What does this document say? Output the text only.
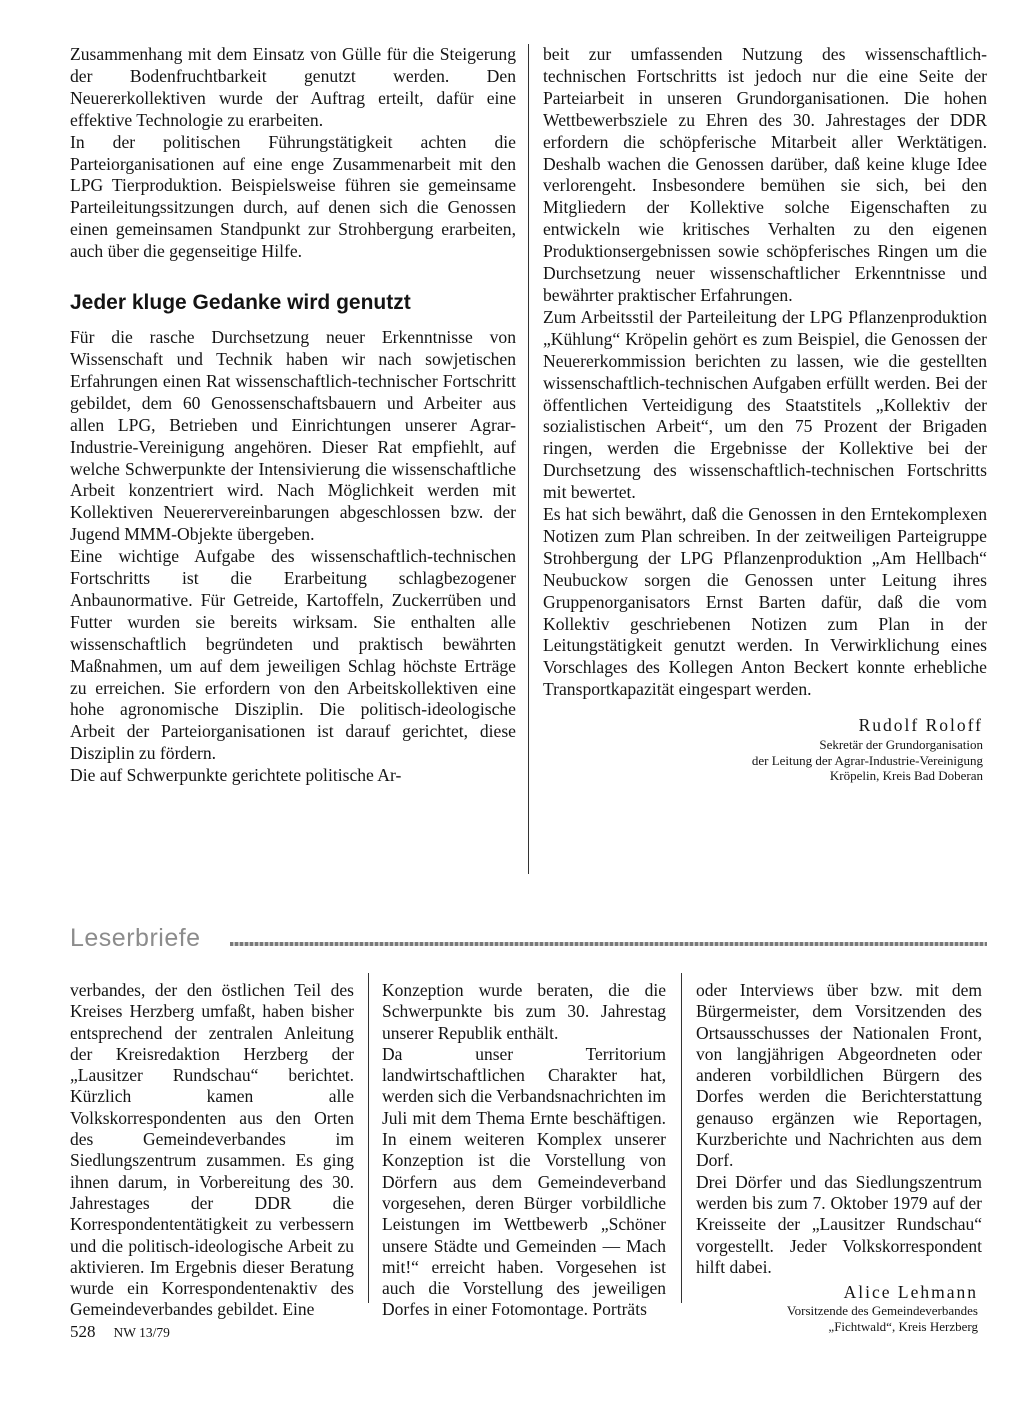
Zusammenhang mit dem Einsatz von Gülle für die Steigerung der Bodenfruchtbarkeit genutzt werden. Den Neuererkollektiven wurde der Auftrag erteilt, dafür eine effektive Technologie zu erarbeiten.

In der politischen Führungstätigkeit achten die Parteiorganisationen auf eine enge Zusammenarbeit mit den LPG Tierproduktion. Beispielsweise führen sie gemeinsame Parteileitungssitzungen durch, auf denen sich die Genossen einen gemeinsamen Standpunkt zur Strohbergung erarbeiten, auch über die gegenseitige Hilfe.

Jeder kluge Gedanke wird genutzt

Für die rasche Durchsetzung neuer Erkenntnisse von Wissenschaft und Technik haben wir nach sowjetischen Erfahrungen einen Rat wissenschaftlich-technischer Fortschritt gebildet, dem 60 Genossenschaftsbauern und Arbeiter aus allen LPG, Betrieben und Einrichtungen unserer Agrar-Industrie-Vereinigung angehören. Dieser Rat empfiehlt, auf welche Schwerpunkte der Intensivierung die wissenschaftliche Arbeit konzentriert wird. Nach Möglichkeit werden mit Kollektiven Neuerervereinbarungen abgeschlossen bzw. der Jugend MMM-Objekte übergeben.

Eine wichtige Aufgabe des wissenschaftlich-technischen Fortschritts ist die Erarbeitung schlagbezogener Anbaunormative. Für Getreide, Kartoffeln, Zuckerrüben und Futter wurden sie bereits wirksam. Sie enthalten alle wissenschaftlich begründeten und praktisch bewährten Maßnahmen, um auf dem jeweiligen Schlag höchste Erträge zu erreichen. Sie erfordern von den Arbeitskollektiven eine hohe agronomische Disziplin. Die politisch-ideologische Arbeit der Parteiorganisationen ist darauf gerichtet, diese Disziplin zu fördern.

Die auf Schwerpunkte gerichtete politische Ar-

beit zur umfassenden Nutzung des wissenschaftlich-technischen Fortschritts ist jedoch nur die eine Seite der Parteiarbeit in unseren Grundorganisationen. Die hohen Wettbewerbsziele zu Ehren des 30. Jahrestages der DDR erfordern die schöpferische Mitarbeit aller Werktätigen. Deshalb wachen die Genossen darüber, daß keine kluge Idee verlorengeht. Insbesondere bemühen sie sich, bei den Mitgliedern der Kollektive solche Eigenschaften zu entwickeln wie kritisches Verhalten zu den eigenen Produktionsergebnissen sowie schöpferisches Ringen um die Durchsetzung neuer wissenschaftlicher Erkenntnisse und bewährter praktischer Erfahrungen.

Zum Arbeitsstil der Parteileitung der LPG Pflanzenproduktion „Kühlung“ Kröpelin gehört es zum Beispiel, die Genossen der Neuererkommission berichten zu lassen, wie die gestellten wissenschaftlich-technischen Aufgaben erfüllt werden. Bei der öffentlichen Verteidigung des Staatstitels „Kollektiv der sozialistischen Arbeit“, um den 75 Prozent der Brigaden ringen, werden die Ergebnisse der Kollektive bei der Durchsetzung des wissenschaftlich-technischen Fortschritts mit bewertet.

Es hat sich bewährt, daß die Genossen in den Erntekomplexen Notizen zum Plan schreiben. In der zeitweiligen Parteigruppe Strohbergung der LPG Pflanzenproduktion „Am Hellbach“ Neubuckow sorgen die Genossen unter Leitung ihres Gruppenorganisators Ernst Barten dafür, daß die vom Kollektiv geschriebenen Notizen zum Plan in der Leitungstätigkeit genutzt werden. In Verwirklichung eines Vorschlages des Kollegen Anton Beckert konnte erhebliche Transportkapazität eingespart werden.

Rudolf Roloff

Sekretär der Grundorganisation

der Leitung der Agrar-Industrie-Vereinigung

Kröpelin, Kreis Bad Doberan

Leserbriefe

verbandes, der den östlichen Teil des Kreises Herzberg umfaßt, haben bisher entsprechend der zentralen Anleitung der Kreisredaktion Herzberg der „Lausitzer Rundschau“ berichtet. Kürzlich kamen alle Volkskorrespondenten aus den Orten des Gemeindeverbandes im Siedlungszentrum zusammen. Es ging ihnen darum, in Vorbereitung des 30. Jahrestages der DDR die Korrespondententätigkeit zu verbessern und die politisch-ideologische Arbeit zu aktivieren. Im Ergebnis dieser Beratung wurde ein Korrespondentenaktiv des Gemeindeverbandes gebildet. Eine

Konzeption wurde beraten, die die Schwerpunkte bis zum 30. Jahrestag unserer Republik enthält.

Da unser Territorium landwirtschaftlichen Charakter hat, werden sich die Verbandsnachrichten im Juli mit dem Thema Ernte beschäftigen. In einem weiteren Komplex unserer Konzeption ist die Vorstellung von Dörfern aus dem Gemeindeverband vorgesehen, deren Bürger vorbildliche Leistungen im Wettbewerb „Schöner unsere Städte und Gemeinden — Mach mit!“ erreicht haben. Vorgesehen ist auch die Vorstellung des jeweiligen Dorfes in einer Fotomontage. Porträts

oder Interviews über bzw. mit dem Bürgermeister, dem Vorsitzenden des Ortsausschusses der Nationalen Front, von langjährigen Abgeordneten oder anderen vorbildlichen Bürgern des Dorfes werden die Berichterstattung genauso ergänzen wie Reportagen, Kurzberichte und Nachrichten aus dem Dorf.

Drei Dörfer und das Siedlungszentrum werden bis zum 7. Oktober 1979 auf der Kreisseite der „Lausitzer Rundschau“ vorgestellt. Jeder Volkskorrespondent hilft dabei.

Alice Lehmann

Vorsitzende des Gemeindeverbandes

„Fichtwald“, Kreis Herzberg

528 NW 13/79
